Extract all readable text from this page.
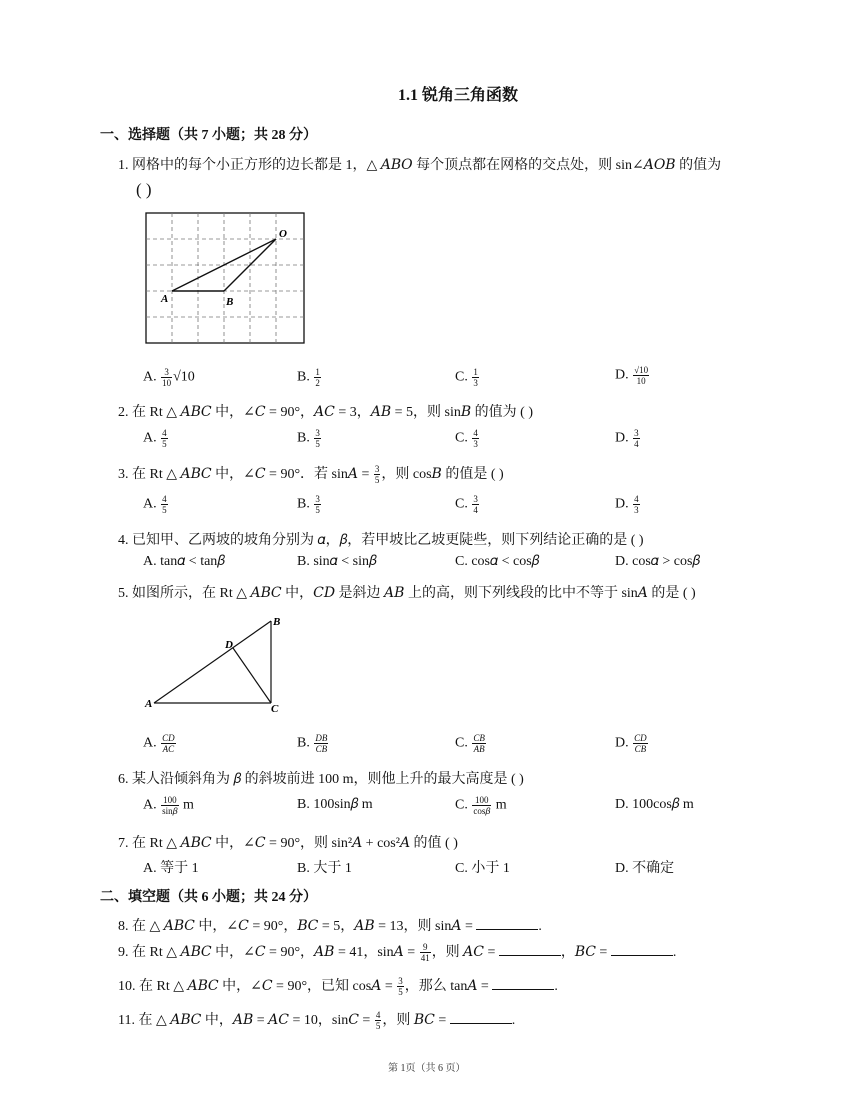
1.1 锐角三角函数
一、选择题（共 7 小题；共 28 分）
1. 网格中的每个小正方形的边长都是 1，△ 𝐴𝐵𝑂 每个顶点都在网格的交点处，则 sin∠𝐴𝑂𝐵 的值为
( )
A	B
O
A. $\frac{3}{10} √10$	B. $\frac{1}{2}$	C. $\frac{1}{3}$	D. $\frac{√10}{10}$
2. 在 Rt △ 𝐴𝐵𝐶 中，∠𝐶 = 90°，𝐴𝐶 = 3，𝐴𝐵 = 5，则 sin𝐵 的值为 ( )
A. $\frac{4}{5}$	B. $\frac{3}{5}$	C. $\frac{4}{3}$	D. $\frac{3}{4}$
3. 在 Rt △ 𝐴𝐵𝐶 中，∠𝐶 = 90°．若 sin𝐴 = $\frac{3}{5}$ ，则 cos𝐵 的值是 ( )
A. $\frac{4}{5}$	B. $\frac{3}{5}$	C. $\frac{3}{4}$	D. $\frac{4}{3}$
4. 已知甲、乙两坡的坡角分别为 𝛼，𝛽，若甲坡比乙坡更陡些，则下列结论正确的是 ( )
A. tan𝛼 < tan𝛽	B. sin𝛼 < sin𝛽	C. cos𝛼 < cos𝛽	D. cos𝛼 > cos𝛽
5. 如图所示，在 Rt △ 𝐴𝐵𝐶 中，𝐶𝐷 是斜边 𝐴𝐵 上的高，则下列线段的比中不等于 sin𝐴 的是 ( )
A
B
C
D
A. $\frac{CD}{AC}$	B. $\frac{DB}{CB}$	C. $\frac{CB}{AB}$	D. $\frac{CD}{CB}$
6. 某人沿倾斜角为 𝛽 的斜坡前进 100 m，则他上升的最大高度是 ( )
A. $\frac{100}{\text{sin𝛽}}$ m	B. 100sin𝛽 m	C. $\frac{100}{\text{cos𝛽}}$ m	D. 100cos𝛽 m
7. 在 Rt △ 𝐴𝐵𝐶 中，∠𝐶 = 90°，则 sin²𝐴 + cos²𝐴 的值 ( )
A. 等于 1	B. 大于 1	C. 小于 1	D. 不确定
二、填空题（共 6 小题；共 24 分）
8. 在 △ 𝐴𝐵𝐶 中，∠𝐶 = 90°，𝐵𝐶 = 5，𝐴𝐵 = 13，则 sin𝐴 =	.
9. 在 Rt △ 𝐴𝐵𝐶 中，∠𝐶 = 90°，𝐴𝐵 = 41，sin𝐴 = $\frac{9}{41}$ ，则 𝐴𝐶 =	，𝐵𝐶 =	.
10. 在 Rt △ 𝐴𝐵𝐶 中，∠𝐶 = 90°，已知 cos𝐴 = $\frac{3}{5}$ ，那么 tan𝐴 =	.
11. 在 △ 𝐴𝐵𝐶 中，𝐴𝐵 = 𝐴𝐶 = 10，sin𝐶 = $\frac{4}{5}$ ，则 𝐵𝐶 =	.
第 1页（共 6 页）
